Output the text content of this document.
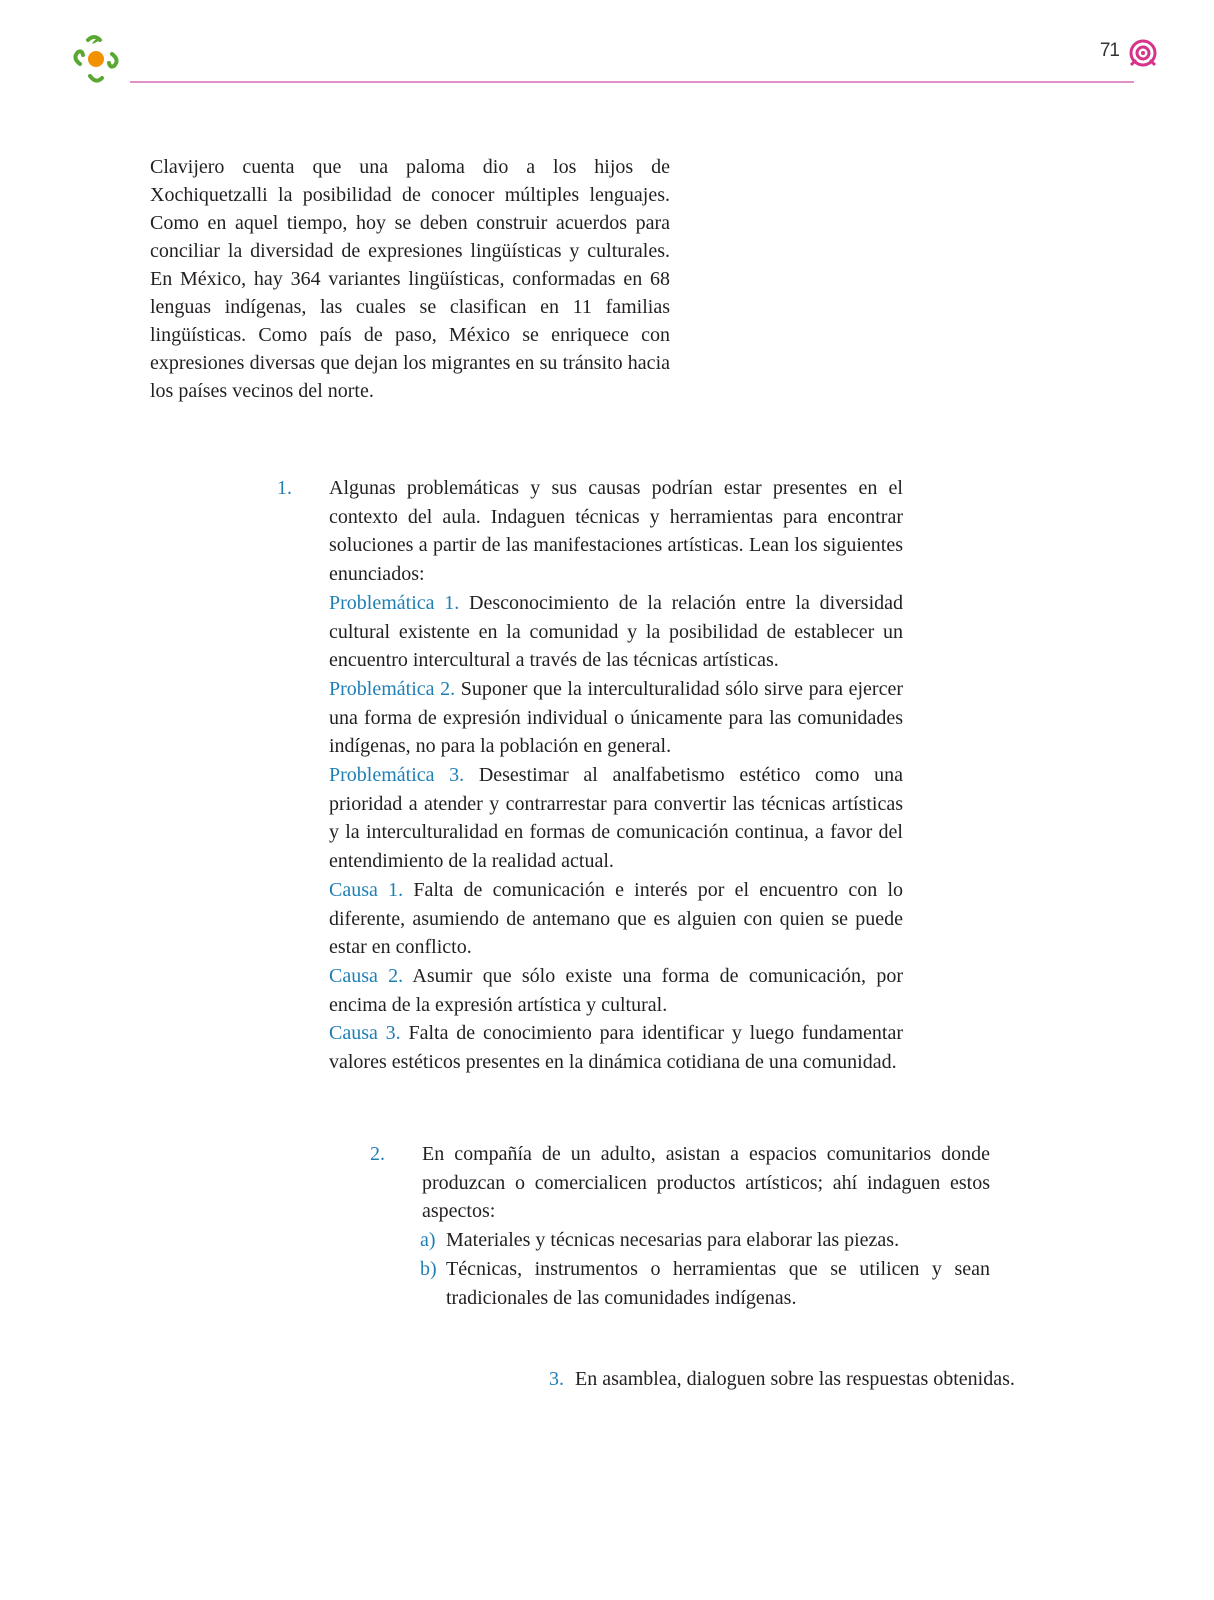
71

Clavijero cuenta que una paloma dio a los hijos de Xochiquetzalli la posibilidad de conocer múltiples lenguajes. Como en aquel tiempo, hoy se deben construir acuerdos para conciliar la diversidad de expresiones lingüísticas y culturales. En México, hay 364 variantes lingüísticas, conformadas en 68 lenguas indígenas, las cuales se clasifican en 11 familias lingüísticas. Como país de paso, México se enriquece con expresiones diversas que dejan los migrantes en su tránsito hacia los países vecinos del norte.

1. Algunas problemáticas y sus causas podrían estar presentes en el contexto del aula. Indaguen técnicas y herramientas para encontrar soluciones a partir de las manifestaciones artísticas. Lean los siguientes enunciados:

Problemática 1. Desconocimiento de la relación entre la diversidad cultural existente en la comunidad y la posibilidad de establecer un encuentro intercultural a través de las técnicas artísticas.

Problemática 2. Suponer que la interculturalidad sólo sirve para ejercer una forma de expresión individual o únicamente para las comunidades indígenas, no para la población en general.

Problemática 3. Desestimar al analfabetismo estético como una prioridad a atender y contrarrestar para convertir las técnicas artísticas y la interculturalidad en formas de comunicación continua, a favor del entendimiento de la realidad actual.

Causa 1. Falta de comunicación e interés por el encuentro con lo diferente, asumiendo de antemano que es alguien con quien se puede estar en conflicto.

Causa 2. Asumir que sólo existe una forma de comunicación, por encima de la expresión artística y cultural.

Causa 3. Falta de conocimiento para identificar y luego fundamentar valores estéticos presentes en la dinámica cotidiana de una comunidad.

2. En compañía de un adulto, asistan a espacios comunitarios donde produzcan o comercialicen productos artísticos; ahí indaguen estos aspectos:

a) Materiales y técnicas necesarias para elaborar las piezas.

b) Técnicas, instrumentos o herramientas que se utilicen y sean tradicionales de las comunidades indígenas.

3. En asamblea, dialoguen sobre las respuestas obtenidas.
